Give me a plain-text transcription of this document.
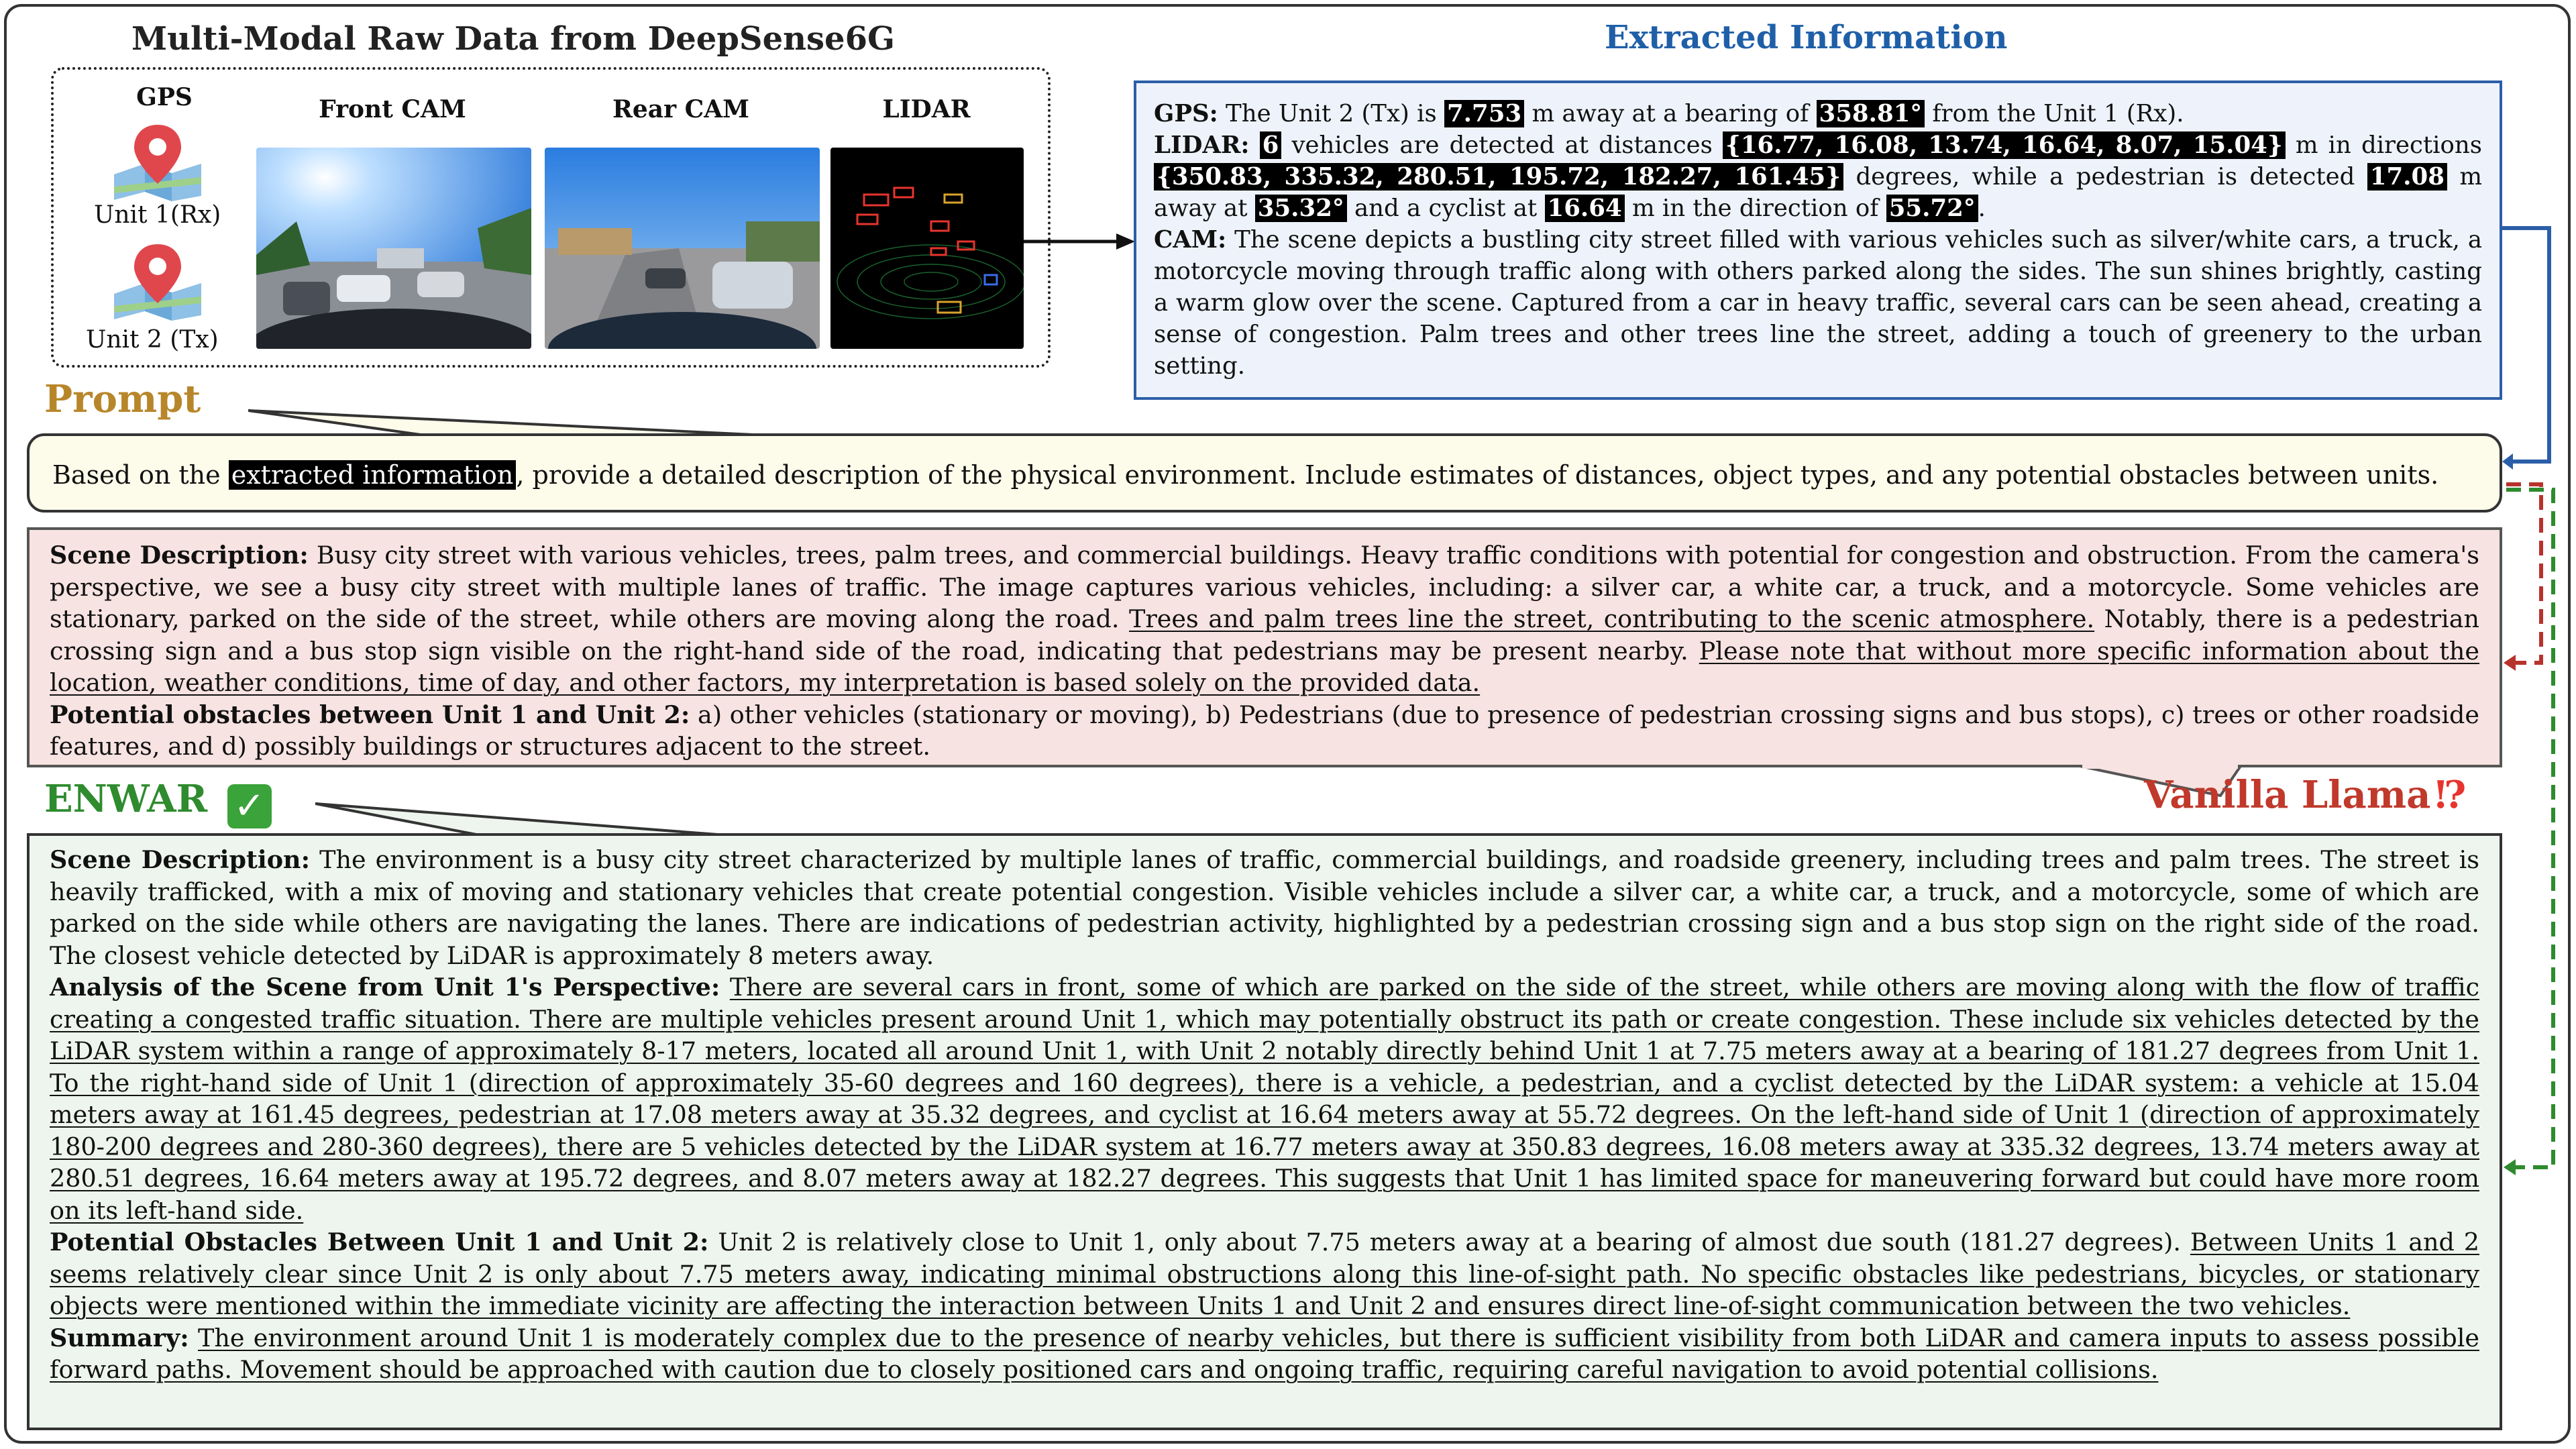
Multi-Modal Raw Data from DeepSense6G
GPS
Unit 1(Rx)
Unit 2 (Tx)
Front CAM	Rear CAM	LIDAR
Extracted Information

GPS: The Unit 2 (Tx) is 7.753 m away at a bearing of 358.81° from the Unit 1 (Rx).

LIDAR: 6 vehicles are detected at distances {16.77, 16.08, 13.74, 16.64, 8.07, 15.04} m in directions {350.83, 335.32, 280.51, 195.72, 182.27, 161.45} degrees, while a pedestrian is detected 17.08 m away at 35.32° and a cyclist at 16.64 m in the direction of 55.72° .

CAM: The scene depicts a bustling city street filled with various vehicles such as silver/white cars, a truck, a motorcycle moving through traffic along with others parked along the sides. The sun shines brightly, casting a warm glow over the scene. Captured from a car in heavy traffic, several cars can be seen ahead, creating a sense of congestion. Palm trees and other trees line the street, adding a touch of greenery to the urban setting.

Prompt
Based on the extracted information , provide a detailed description of the physical environment. Include estimates of distances, object types, and any potential obstacles between units.

Scene Description: Busy city street with various vehicles, trees, palm trees, and commercial buildings. Heavy traffic conditions with potential for congestion and obstruction. From the camera's perspective, we see a busy city street with multiple lanes of traffic. The image captures various vehicles, including: a silver car, a white car, a truck, and a motorcycle. Some vehicles are stationary, parked on the side of the street, while others are moving along the road. Trees and palm trees line the street, contributing to the scenic atmosphere. Notably, there is a pedestrian crossing sign and a bus stop sign visible on the right-hand side of the road, indicating that pedestrians may be present nearby. Please note that without more specific information about the location, weather conditions, time of day, and other factors, my interpretation is based solely on the provided data.

Potential obstacles between Unit 1 and Unit 2: a) other vehicles (stationary or moving), b) Pedestrians (due to presence of pedestrian crossing signs and bus stops), c) trees or other roadside features, and d) possibly buildings or structures adjacent to the street.

Vanilla Llama ⁉
ENWAR ✓

Scene Description: The environment is a busy city street characterized by multiple lanes of traffic, commercial buildings, and roadside greenery, including trees and palm trees. The street is heavily trafficked, with a mix of moving and stationary vehicles that create potential congestion. Visible vehicles include a silver car, a white car, a truck, and a motorcycle, some of which are parked on the side while others are navigating the lanes. There are indications of pedestrian activity, highlighted by a pedestrian crossing sign and a bus stop sign on the right side of the road. The closest vehicle detected by LiDAR is approximately 8 meters away.

Analysis of the Scene from Unit 1's Perspective: There are several cars in front, some of which are parked on the side of the street, while others are moving along with the flow of traffic creating a congested traffic situation. There are multiple vehicles present around Unit 1, which may potentially obstruct its path or create congestion. These include six vehicles detected by the LiDAR system within a range of approximately 8-17 meters, located all around Unit 1, with Unit 2 notably directly behind Unit 1 at 7.75 meters away at a bearing of 181.27 degrees from Unit 1. To the right-hand side of Unit 1 (direction of approximately 35-60 degrees and 160 degrees), there is a vehicle, a pedestrian, and a cyclist detected by the LiDAR system: a vehicle at 15.04 meters away at 161.45 degrees, pedestrian at 17.08 meters away at 35.32 degrees, and cyclist at 16.64 meters away at 55.72 degrees. On the left-hand side of Unit 1 (direction of approximately 180-200 degrees and 280-360 degrees), there are 5 vehicles detected by the LiDAR system at 16.77 meters away at 350.83 degrees, 16.08 meters away at 335.32 degrees, 13.74 meters away at 280.51 degrees, 16.64 meters away at 195.72 degrees, and 8.07 meters away at 182.27 degrees. This suggests that Unit 1 has limited space for maneuvering forward but could have more room on its left-hand side.

Potential Obstacles Between Unit 1 and Unit 2: Unit 2 is relatively close to Unit 1, only about 7.75 meters away at a bearing of almost due south (181.27 degrees). Between Units 1 and 2 seems relatively clear since Unit 2 is only about 7.75 meters away, indicating minimal obstructions along this line-of-sight path. No specific obstacles like pedestrians, bicycles, or stationary objects were mentioned within the immediate vicinity are affecting the interaction between Units 1 and Unit 2 and ensures direct line-of-sight communication between the two vehicles.

Summary: The environment around Unit 1 is moderately complex due to the presence of nearby vehicles, but there is sufficient visibility from both LiDAR and camera inputs to assess possible forward paths. Movement should be approached with caution due to closely positioned cars and ongoing traffic, requiring careful navigation to avoid potential collisions.
